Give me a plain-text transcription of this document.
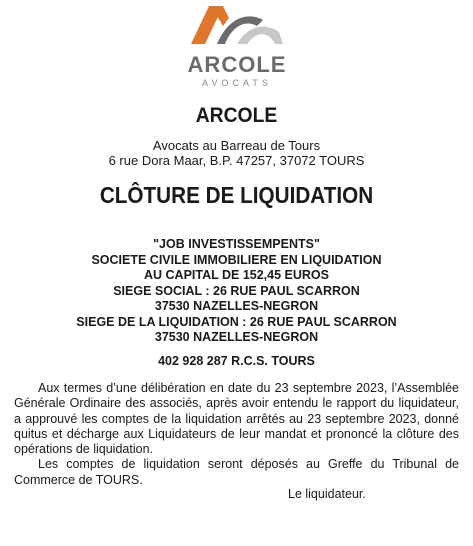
ARCOLE
AVOCATS
ARCOLE
Avocats au Barreau de Tours
6 rue Dora Maar, B.P. 47257, 37072 TOURS
CLÔTURE DE LIQUIDATION
"JOB INVESTISSEMPENTS"
SOCIETE CIVILE IMMOBILIERE EN LIQUIDATION
AU CAPITAL DE 152,45 EUROS
SIEGE SOCIAL : 26 RUE PAUL SCARRON
37530 NAZELLES-NEGRON
SIEGE DE LA LIQUIDATION : 26 RUE PAUL SCARRON
37530 NAZELLES-NEGRON
402 928 287 R.C.S. TOURS

Aux termes d’une délibération en date du 23 septembre 2023, l’Assemblée Générale Ordinaire des associés, après avoir entendu le rapport du liquidateur, a approuvé les comptes de la liquidation arrêtés au 23 septembre 2023, donné quitus et décharge aux Liquidateurs de leur mandat et prononcé la clôture des opérations de liquidation.

Les comptes de liquidation seront déposés au Greffe du Tribunal de Commerce de TOURS.

Le liquidateur.
